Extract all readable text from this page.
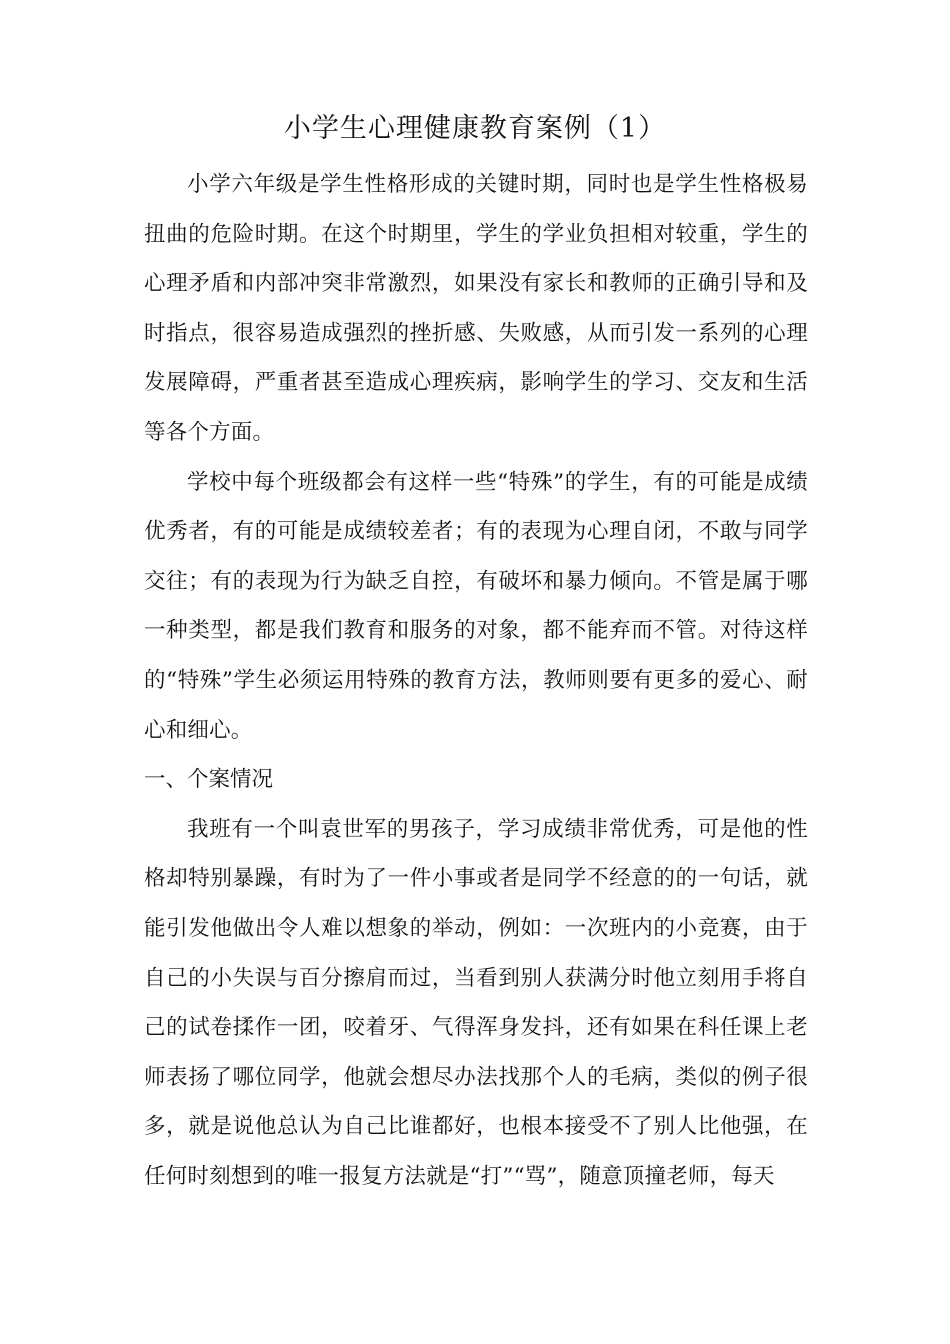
小学生心理健康教育案例（1）

小学六年级是学生性格形成的关键时期，同时也是学生性格极易扭曲的危险时期。在这个时期里，学生的学业负担相对较重，学生的心理矛盾和内部冲突非常激烈，如果没有家长和教师的正确引导和及时指点，很容易造成强烈的挫折感、失败感，从而引发一系列的心理发展障碍，严重者甚至造成心理疾病，影响学生的学习、交友和生活等各个方面。

学校中每个班级都会有这样一些“特殊”的学生，有的可能是成绩优秀者，有的可能是成绩较差者；有的表现为心理自闭，不敢与同学交往；有的表现为行为缺乏自控，有破坏和暴力倾向。不管是属于哪一种类型，都是我们教育和服务的对象，都不能弃而不管。对待这样的“特殊”学生必须运用特殊的教育方法，教师则要有更多的爱心、耐心和细心。

一、个案情况

我班有一个叫袁世军的男孩子，学习成绩非常优秀，可是他的性格却特别暴躁，有时为了一件小事或者是同学不经意的的一句话，就能引发他做出令人难以想象的举动，例如：一次班内的小竞赛，由于自己的小失误与百分擦肩而过，当看到别人获满分时他立刻用手将自己的试卷揉作一团，咬着牙、气得浑身发抖，还有如果在科任课上老师表扬了哪位同学，他就会想尽办法找那个人的毛病，类似的例子很多，就是说他总认为自己比谁都好，也根本接受不了别人比他强，在任何时刻想到的唯一报复方法就是“打”“骂”，随意顶撞老师，每天
